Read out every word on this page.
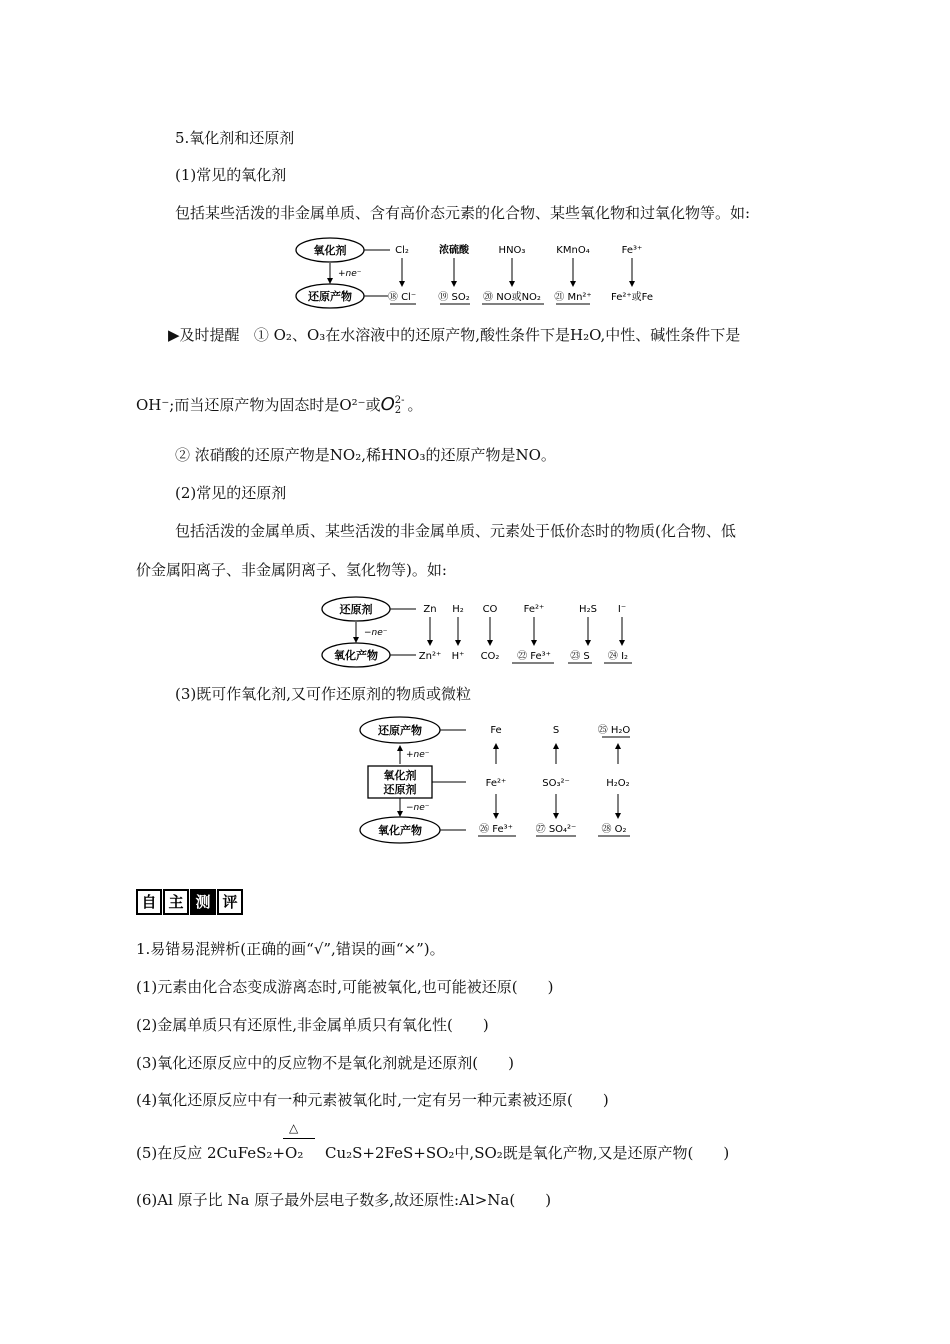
5.氧化剂和还原剂
(1)常见的氧化剂
包括某些活泼的非金属单质、含有高价态元素的化合物、某些氧化物和过氧化物等。如:
氧化剂
+ne⁻
还原产物
Cl₂
⑱ Cl⁻
浓硫酸
⑲ SO₂
HNO₃
⑳ NO或NO₂
KMnO₄
㉑ Mn²⁺
Fe³⁺
Fe²⁺或Fe
▶及时提醒 ① O₂、O₃在水溶液中的还原产物,酸性条件下是H₂O,中性、碱性条件下是
OH⁻;而当还原产物为固态时是O²⁻或O2-
2 。
② 浓硝酸的还原产物是NO₂,稀HNO₃的还原产物是NO。
(2)常见的还原剂
包括活泼的金属单质、某些活泼的非金属单质、元素处于低价态时的物质(化合物、低
价金属阳离子、非金属阴离子、氢化物等)。如:
还原剂
−ne⁻
氧化产物
Zn
Zn²⁺
H₂
H⁺
CO
CO₂
Fe²⁺
㉒ Fe³⁺
H₂S
㉓ S
I⁻
㉔ I₂
(3)既可作氧化剂,又可作还原剂的物质或微粒
还原产物
+ne⁻
氧化剂
还原剂
−ne⁻
氧化产物
Fe
Fe²⁺
㉖ Fe³⁺
S
SO₃²⁻
㉗ SO₄²⁻
㉕ H₂O
H₂O₂
㉘ O₂
自 主 测 评
1.易错易混辨析(正确的画“√”,错误的画“×”)。
(1)元素由化合态变成游离态时,可能被氧化,也可能被还原(　　)
(2)金属单质只有还原性,非金属单质只有氧化性(　　)
(3)氧化还原反应中的反应物不是氧化剂就是还原剂(　　)
(4)氧化还原反应中有一种元素被氧化时,一定有另一种元素被还原(　　)
△
(5)在反应 2CuFeS₂+O₂ Cu₂S+2FeS+SO₂中,SO₂既是氧化产物,又是还原产物(　　)
(6)Al 原子比 Na 原子最外层电子数多,故还原性:Al>Na(　　)
